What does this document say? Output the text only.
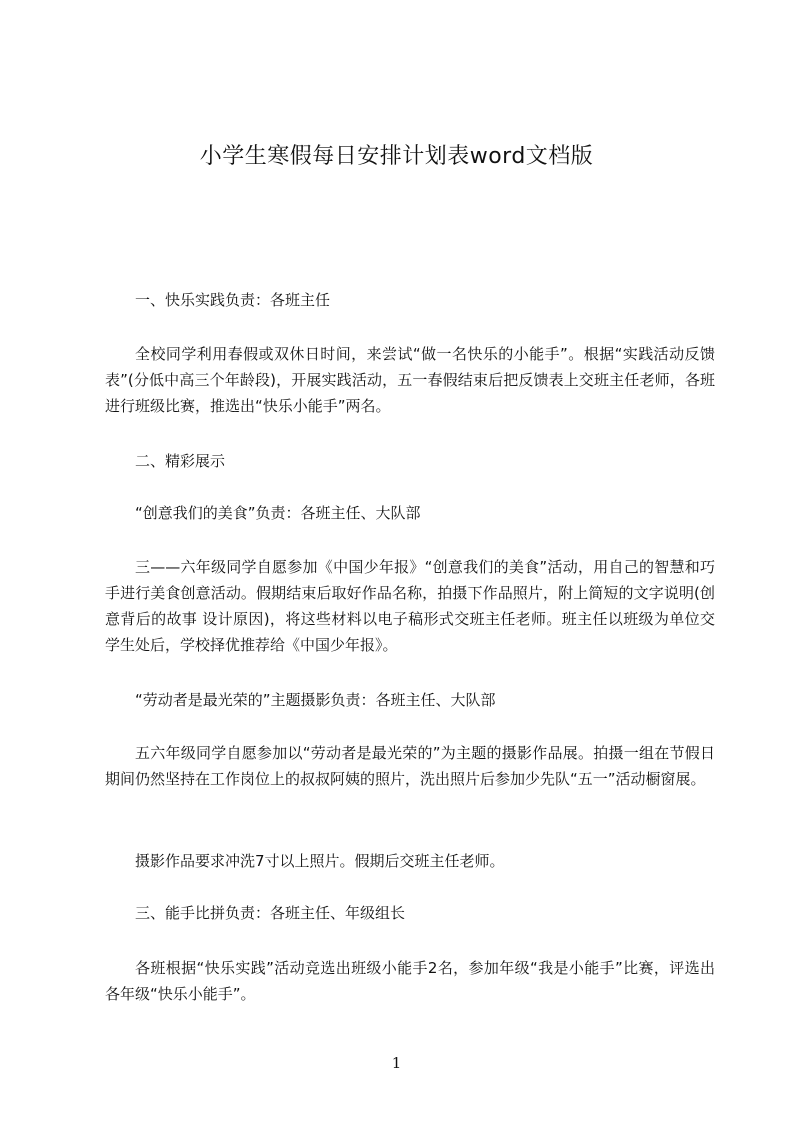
小学生寒假每日安排计划表word文档版
一、快乐实践负责：各班主任

全校同学利用春假或双休日时间，来尝试“做一名快乐的小能手”。根据“实践活动反馈表”(分低中高三个年龄段)，开展实践活动，五一春假结束后把反馈表上交班主任老师，各班进行班级比赛，推选出“快乐小能手”两名。

二、精彩展示
“创意我们的美食”负责：各班主任、大队部

三——六年级同学自愿参加《中国少年报》“创意我们的美食”活动，用自己的智慧和巧手进行美食创意活动。假期结束后取好作品名称，拍摄下作品照片，附上简短的文字说明(创意背后的故事 设计原因)，将这些材料以电子稿形式交班主任老师。班主任以班级为单位交学生处后，学校择优推荐给《中国少年报》。

“劳动者是最光荣的”主题摄影负责：各班主任、大队部

五六年级同学自愿参加以“劳动者是最光荣的”为主题的摄影作品展。拍摄一组在节假日期间仍然坚持在工作岗位上的叔叔阿姨的照片，洗出照片后参加少先队“五一”活动橱窗展。

摄影作品要求冲洗7寸以上照片。假期后交班主任老师。

三、能手比拼负责：各班主任、年级组长

各班根据“快乐实践”活动竞选出班级小能手2名，参加年级“我是小能手”比赛，评选出各年级“快乐小能手”。

1
